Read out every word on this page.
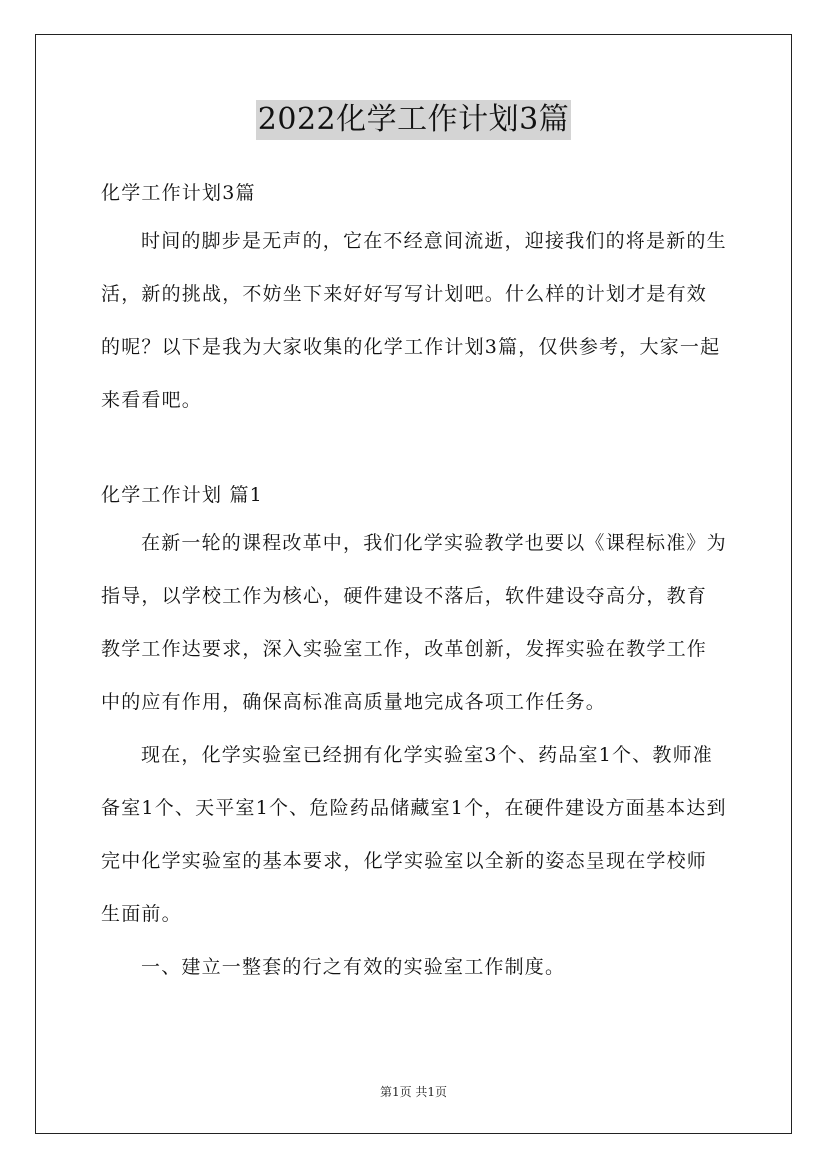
2022化学工作计划3篇

化学工作计划3篇

时间的脚步是无声的，它在不经意间流逝，迎接我们的将是新的生活，新的挑战，不妨坐下来好好写写计划吧。什么样的计划才是有效的呢？以下是我为大家收集的化学工作计划3篇，仅供参考，大家一起来看看吧。

化学工作计划 篇1

在新一轮的课程改革中，我们化学实验教学也要以《课程标准》为指导，以学校工作为核心，硬件建设不落后，软件建设夺高分，教育教学工作达要求，深入实验室工作，改革创新，发挥实验在教学工作中的应有作用，确保高标准高质量地完成各项工作任务。

现在，化学实验室已经拥有化学实验室3个、药品室1个、教师准备室1个、天平室1个、危险药品储藏室1个，在硬件建设方面基本达到完中化学实验室的基本要求，化学实验室以全新的姿态呈现在学校师生面前。

一、建立一整套的行之有效的实验室工作制度。

第1页 共1页
